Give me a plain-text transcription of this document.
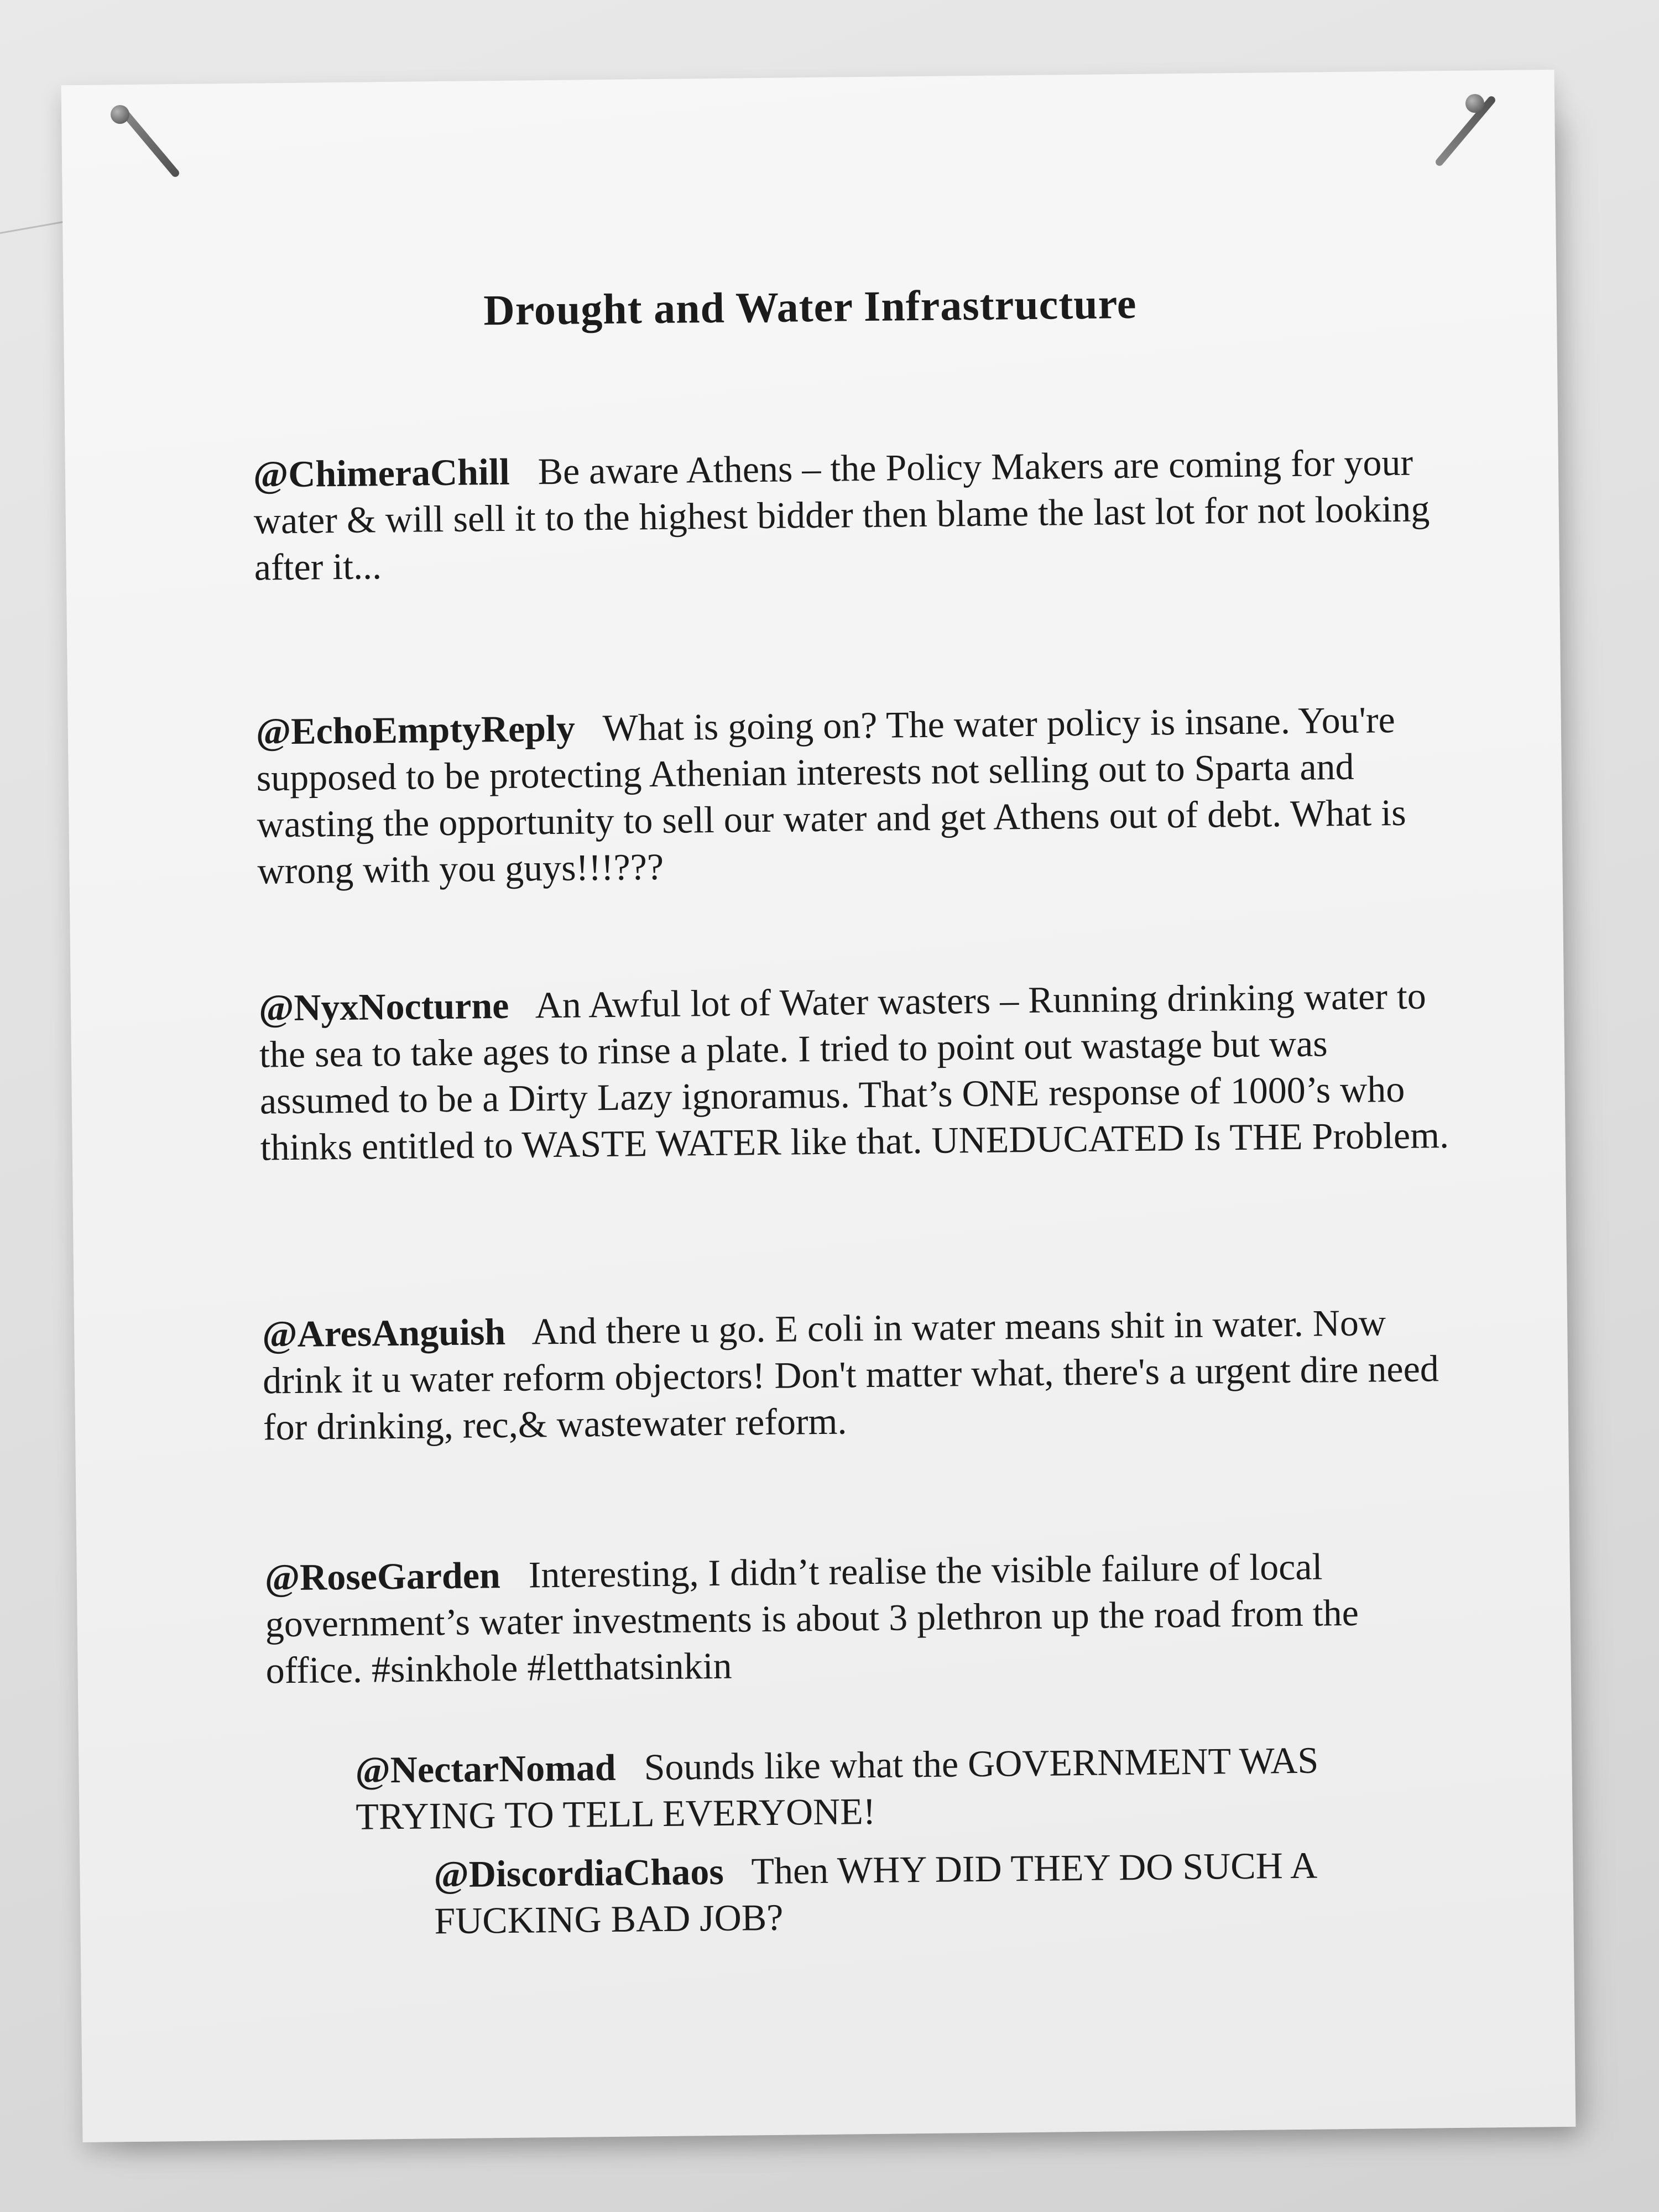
Drought and Water Infrastructure

@ChimeraChill Be aware Athens – the Policy Makers are coming for your water & will sell it to the highest bidder then blame the last lot for not looking after it...

@EchoEmptyReply What is going on? The water policy is insane. You're supposed to be protecting Athenian interests not selling out to Sparta and wasting the opportunity to sell our water and get Athens out of debt. What is wrong with you guys!!!???

@NyxNocturne An Awful lot of Water wasters – Running drinking water to the sea to take ages to rinse a plate. I tried to point out wastage but was assumed to be a Dirty Lazy ignoramus. That’s ONE response of 1000’s who thinks entitled to WASTE WATER like that. UNEDUCATED Is THE Problem.

@AresAnguish And there u go. E coli in water means shit in water. Now drink it u water reform objectors! Don't matter what, there's a urgent dire need for drinking, rec,& wastewater reform.

@RoseGarden Interesting, I didn’t realise the visible failure of local government’s water investments is about 3 plethron up the road from the office. #sinkhole #letthatsinkin

@NectarNomad Sounds like what the GOVERNMENT WAS TRYING TO TELL EVERYONE!

@DiscordiaChaos Then WHY DID THEY DO SUCH A FUCKING BAD JOB?
